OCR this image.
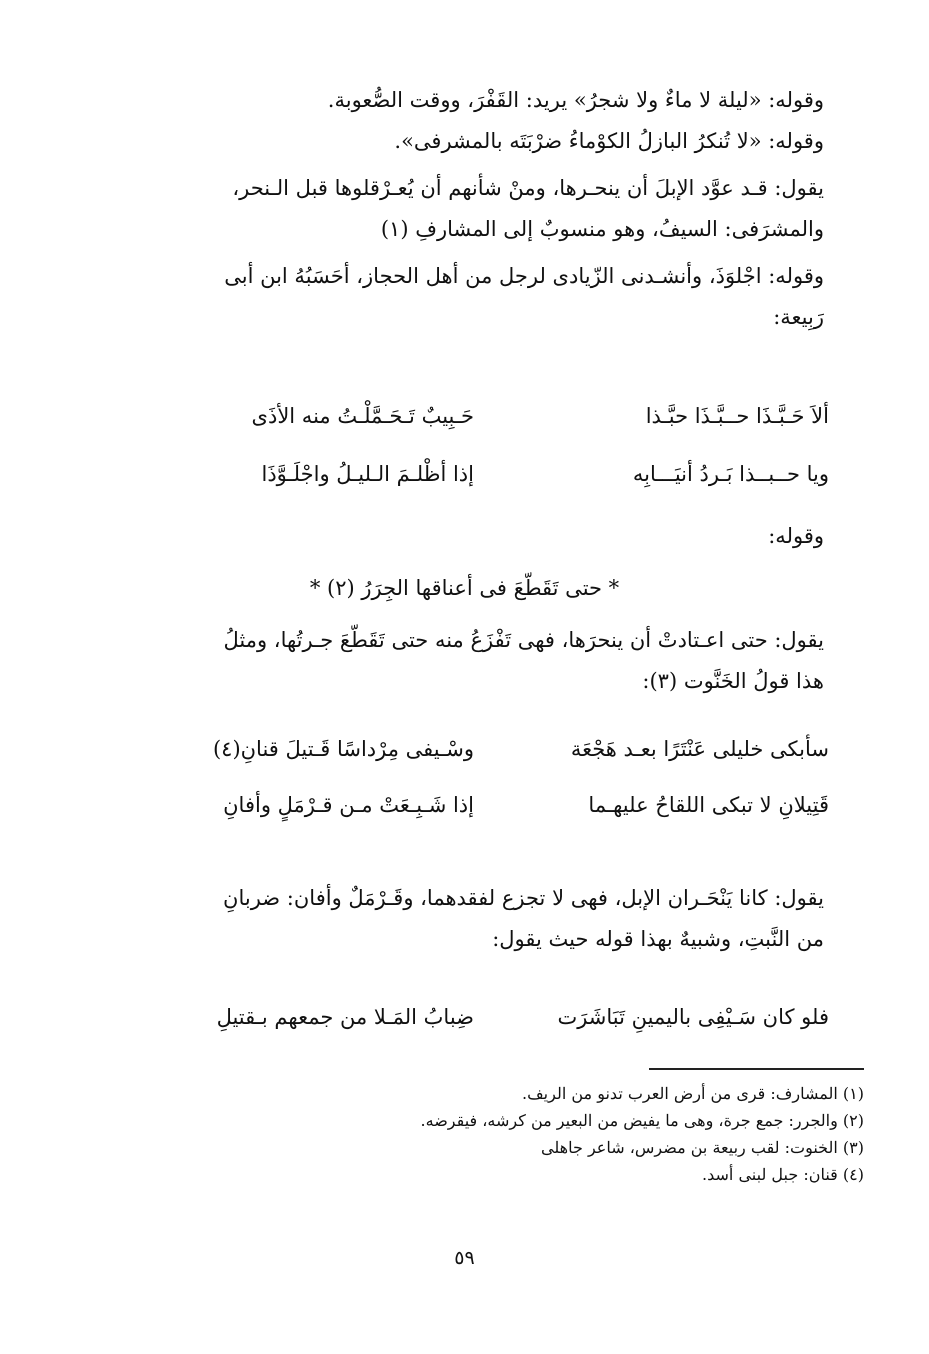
وقوله: «ليلة لا ماءٌ ولا شجرُ» يريد: القَفْرَ، ووقت الصُّعوبة.

وقوله: «لا تُنكرُ البازلُ الكوْماءُ ضرْبَتَه بالمشرفى».

يقول: قـد عوَّد الإبلَ أن ينحـرها، ومنْ شأنهم أن يُعـرْقلوها قبل الـنحر،
والمشرَفى: السيفُ، وهو منسوبٌ إلى المشارفِ (١)

وقوله: اجْلوَذَ، وأنشـدنى الزّيادى لرجل من أهل الحجاز، أحَسَبُهُ ابن أبى
رَبِيعة:

ألاَ حَـبَّـذَا حــبَّـذَا حبَّـذا
حَـبِيبٌ تَـحَـمَّلْـتُ منه الأذَى
ويا حــبــذا بَـردُ أنيَـــابِه
إذا أظْلـمَ الـليـلُ واجْلَـوَّذَا

وقوله:

* حتى تَقَطّعَ فى أعناقها الجِرَرُ (٢) *

يقول: حتى اعـتادتْ أن ينحرَها، فهى تَفْزَعُ منه حتى تَقَطّعَ جـرتُها، ومثلُ
هذا قولُ الخَنَّوت (٣):

سأبكى خليلى عَنْتَرًا بعـد هَجْعَة
وسْـيفى مِرْداسًا قَـتيلَ قنانِ(٤)
قَتِيلانِ لا تبكى اللقاحُ عليهـما
إذا شَـبِـعَتْ مـن قـرْمَلٍ وأفانِ

يقول: كانا يَنْحَـران الإبل، فهى لا تجزع لفقدهما، وقَـرْمَلٌ وأفان: ضربانِ
من النَّبتِ، وشبيهٌ بهذا قوله حيث يقول:

فلو كان سَـيْفِى باليمينِ تَبَاشَرَت
ضِبابُ المَـلا من جمعهم بـقتيلِ
(١) المشارف: قرى من أرض العرب تدنو من الريف.
(٢) والجرر: جمع جرة، وهى ما يفيض من البعير من كرشه، فيقرضه.
(٣) الخنوت: لقب ربيعة بن مضرس، شاعر جاهلى
(٤) قنان: جبل لبنى أسد.
٥٩
